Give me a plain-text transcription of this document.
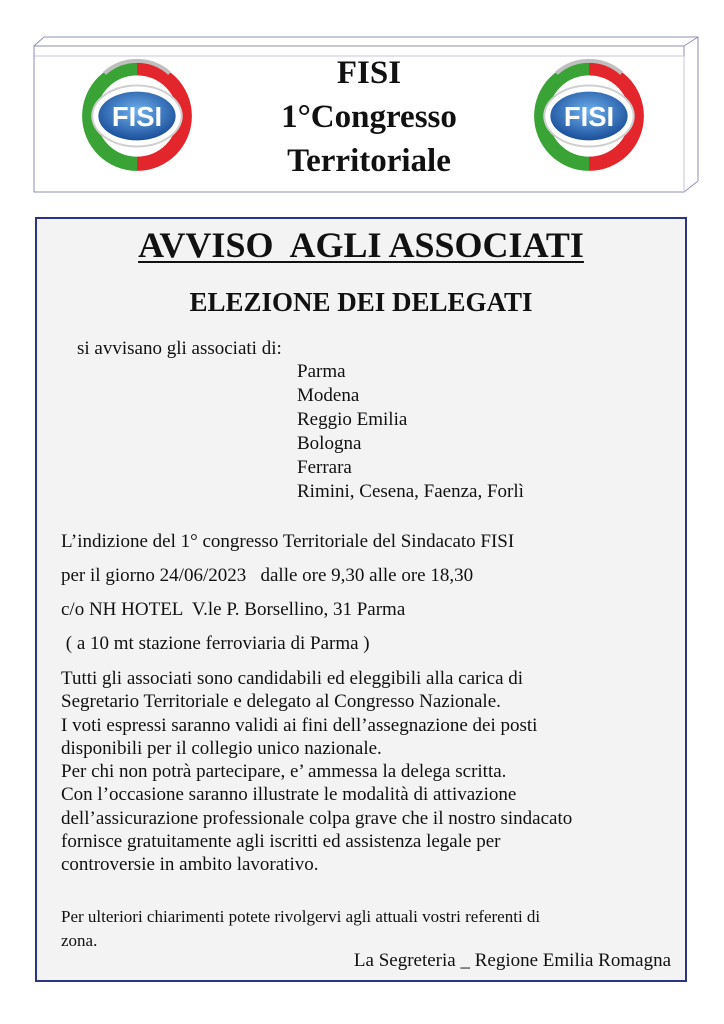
FISI	FISI
FISI
1°Congresso
Territoriale
AVVISO  AGLI ASSOCIATI
ELEZIONE DEI DELEGATI
si avvisano gli associati di:
Parma
Modena
Reggio Emilia
Bologna
Ferrara
Rimini, Cesena, Faenza, Forlì
L’indizione del 1° congresso Territoriale del Sindacato FISI
per il giorno 24/06/2023   dalle ore 9,30 alle ore 18,30
c/o NH HOTEL  V.le P. Borsellino, 31 Parma
( a 10 mt stazione ferroviaria di Parma )
Tutti gli associati sono candidabili ed eleggibili alla carica di
Segretario Territoriale e delegato al Congresso Nazionale.
I voti espressi saranno validi ai fini dell’assegnazione dei posti
disponibili per il collegio unico nazionale.
Per chi non potrà partecipare, e’ ammessa la delega scritta.
Con l’occasione saranno illustrate le modalità di attivazione
dell’assicurazione professionale colpa grave che il nostro sindacato
fornisce gratuitamente agli iscritti ed assistenza legale per
controversie in ambito lavorativo.
Per ulteriori chiarimenti potete rivolgervi agli attuali vostri referenti di
zona.
La Segreteria _ Regione Emilia Romagna
